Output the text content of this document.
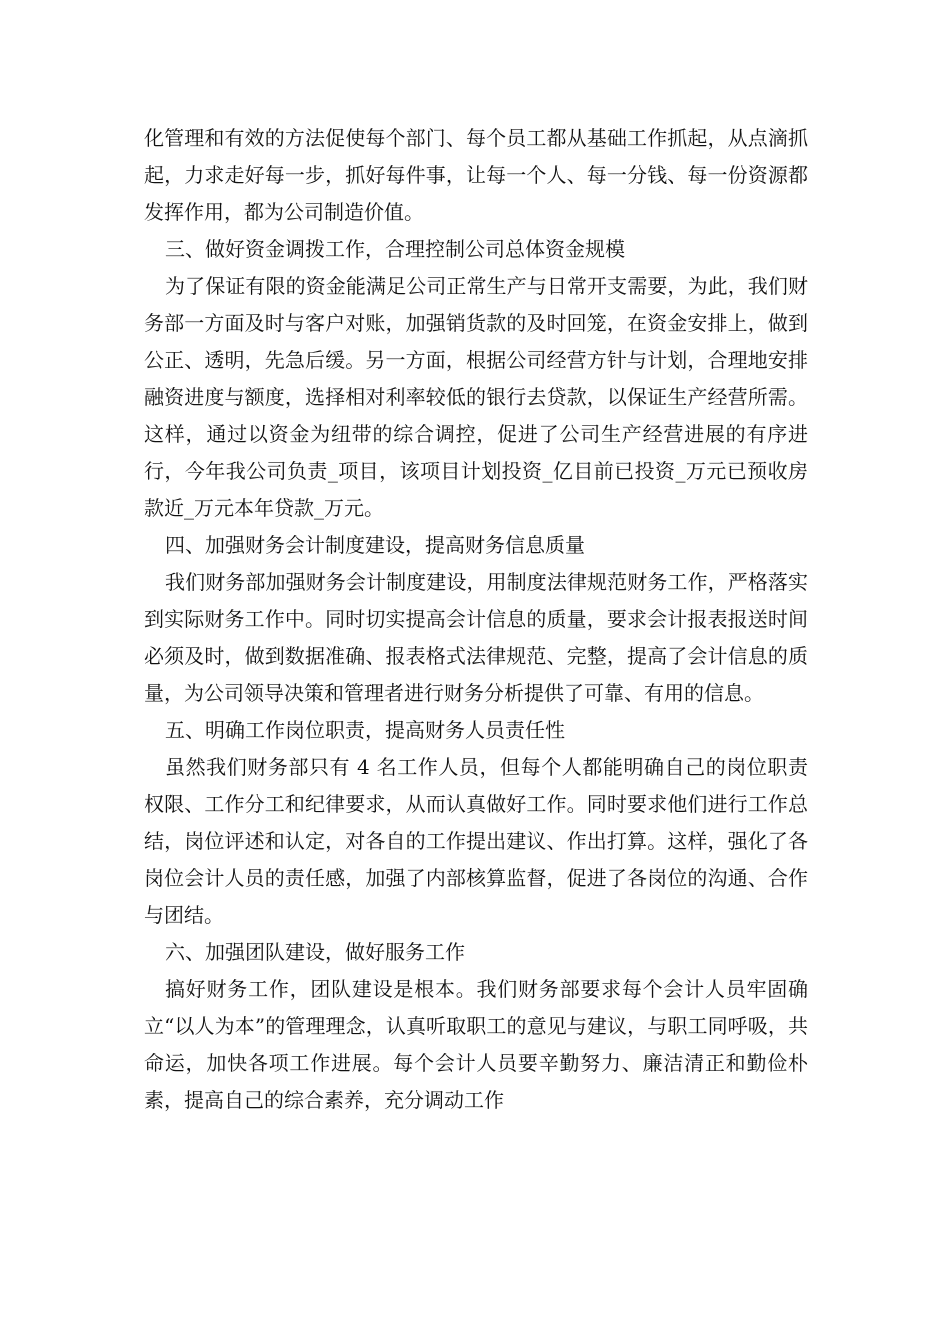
化管理和有效的方法促使每个部门、每个员工都从基础工作抓起，从点滴抓起，力求走好每一步，抓好每件事，让每一个人、每一分钱、每一份资源都发挥作用，都为公司制造价值。

三、做好资金调拨工作，合理控制公司总体资金规模

为了保证有限的资金能满足公司正常生产与日常开支需要，为此，我们财务部一方面及时与客户对账，加强销货款的及时回笼，在资金安排上，做到公正、透明，先急后缓。另一方面，根据公司经营方针与计划，合理地安排融资进度与额度，选择相对利率较低的银行去贷款，以保证生产经营所需。这样，通过以资金为纽带的综合调控，促进了公司生产经营进展的有序进行，今年我公司负责_项目，该项目计划投资_亿目前已投资_万元已预收房款近_万元本年贷款_万元。

四、加强财务会计制度建设，提高财务信息质量

我们财务部加强财务会计制度建设，用制度法律规范财务工作，严格落实到实际财务工作中。同时切实提高会计信息的质量，要求会计报表报送时间必须及时，做到数据准确、报表格式法律规范、完整，提高了会计信息的质量，为公司领导决策和管理者进行财务分析提供了可靠、有用的信息。

五、明确工作岗位职责，提高财务人员责任性

虽然我们财务部只有 4 名工作人员，但每个人都能明确自己的岗位职责权限、工作分工和纪律要求，从而认真做好工作。同时要求他们进行工作总结，岗位评述和认定，对各自的工作提出建议、作出打算。这样，强化了各岗位会计人员的责任感，加强了内部核算监督，促进了各岗位的沟通、合作与团结。

六、加强团队建设，做好服务工作

搞好财务工作，团队建设是根本。我们财务部要求每个会计人员牢固确立“以人为本”的管理理念，认真听取职工的意见与建议，与职工同呼吸，共命运，加快各项工作进展。每个会计人员要辛勤努力、廉洁清正和勤俭朴素，提高自己的综合素养，充分调动工作
